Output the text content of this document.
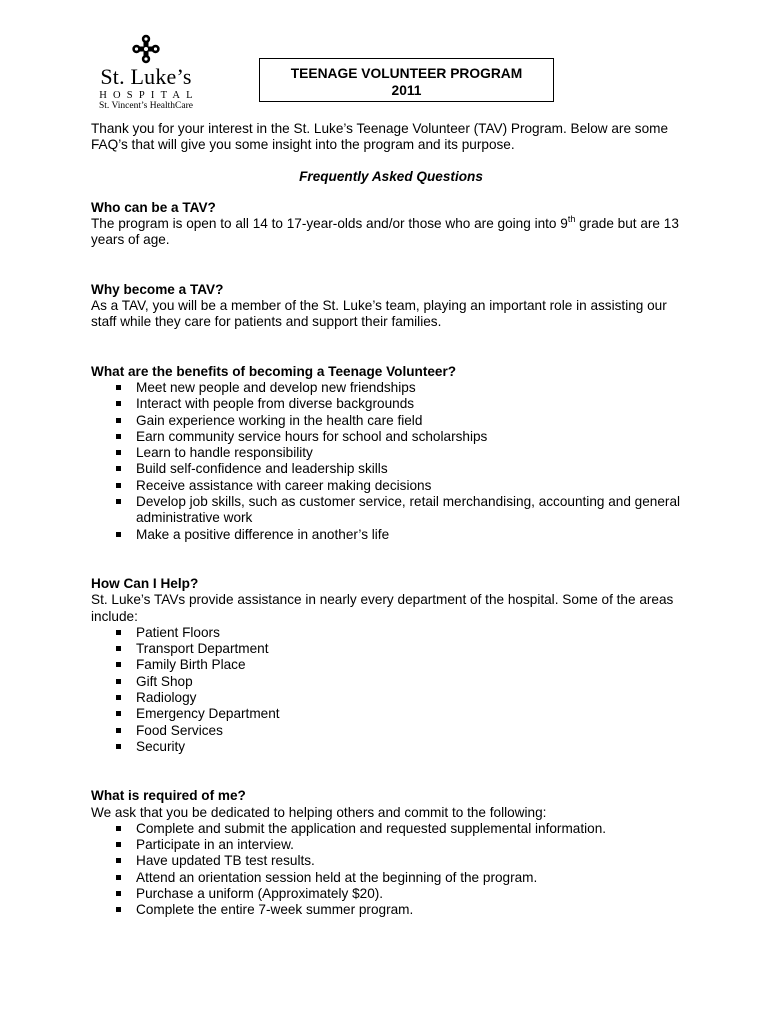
St. Luke’s
HOSPITAL
St. Vincent’s HealthCare
TEENAGE VOLUNTEER PROGRAM
2011

Thank you for your interest in the St. Luke’s Teenage Volunteer (TAV) Program. Below are some FAQ’s that will give you some insight into the program and its purpose.

Frequently Asked Questions

Who can be a TAV?

The program is open to all 14 to 17-year-olds and/or those who are going into 9th grade but are 13 years of age.

Why become a TAV?

As a TAV, you will be a member of the St. Luke’s team, playing an important role in assisting our staff while they care for patients and support their families.

What are the benefits of becoming a Teenage Volunteer?

Meet new people and develop new friendships
Interact with people from diverse backgrounds
Gain experience working in the health care field
Earn community service hours for school and scholarships
Learn to handle responsibility
Build self-confidence and leadership skills
Receive assistance with career making decisions
Develop job skills, such as customer service, retail merchandising, accounting and general administrative work
Make a positive difference in another’s life

How Can I Help?

St. Luke’s TAVs provide assistance in nearly every department of the hospital. Some of the areas include:

Patient Floors
Transport Department
Family Birth Place
Gift Shop
Radiology
Emergency Department
Food Services
Security

What is required of me?

We ask that you be dedicated to helping others and commit to the following:

Complete and submit the application and requested supplemental information.
Participate in an interview.
Have updated TB test results.
Attend an orientation session held at the beginning of the program.
Purchase a uniform (Approximately $20).
Complete the entire 7-week summer program.
